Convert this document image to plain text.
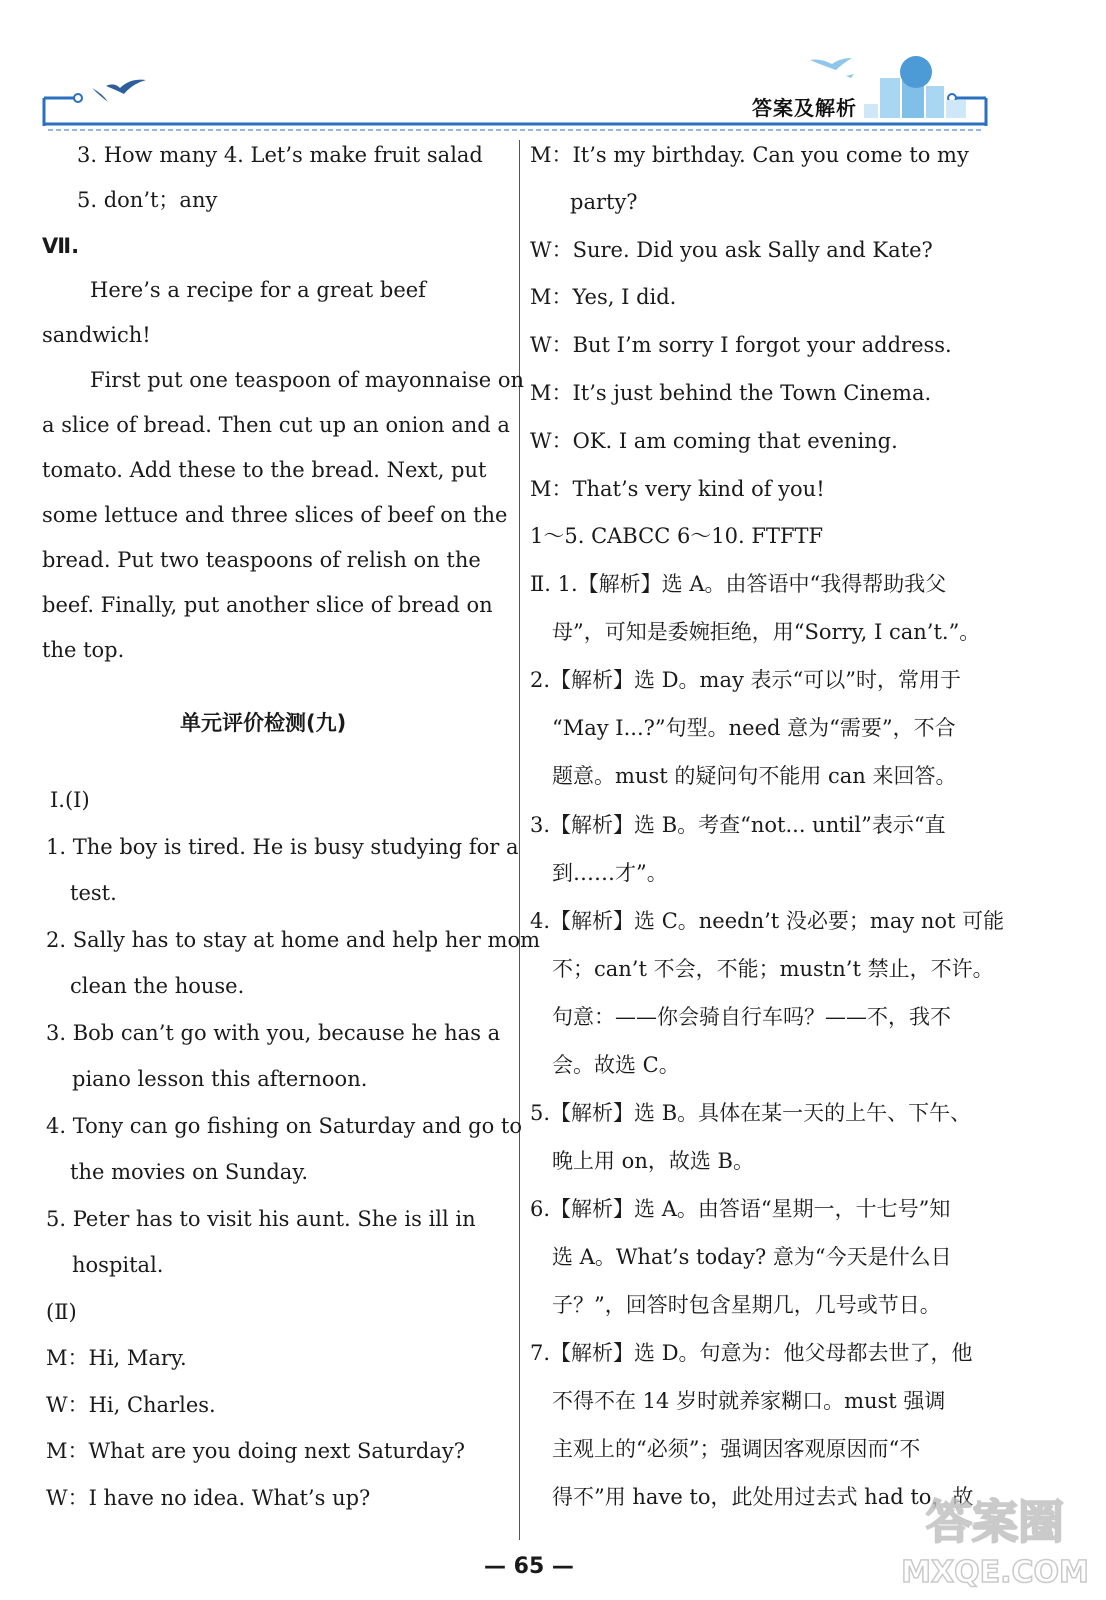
答案及解析
3. How many 4. Let’s make fruit salad
5. don’t；any
Ⅶ.
Here’s a recipe for a great beef
sandwich!
First put one teaspoon of mayonnaise on
a slice of bread. Then cut up an onion and a
tomato. Add these to the bread. Next, put
some lettuce and three slices of beef on the
bread. Put two teaspoons of relish on the
beef. Finally, put another slice of bread on
the top.
单元评价检测(九)
Ⅰ.(Ⅰ)
1. The boy is tired. He is busy studying for a
test.
2. Sally has to stay at home and help her mom
clean the house.
3. Bob can’t go with you, because he has a
piano lesson this afternoon.
4. Tony can go fishing on Saturday and go to
the movies on Sunday.
5. Peter has to visit his aunt. She is ill in
hospital.
(Ⅱ)
M：Hi, Mary.
W：Hi, Charles.
M：What are you doing next Saturday?
W：I have no idea. What’s up?
M：It’s my birthday. Can you come to my
party?
W：Sure. Did you ask Sally and Kate?
M：Yes, I did.
W：But I’m sorry I forgot your address.
M：It’s just behind the Town Cinema.
W：OK. I am coming that evening.
M：That’s very kind of you!
1～5. CABCC 6～10. FTFTF
Ⅱ. 1.【解析】选 A。由答语中“我得帮助我父
母”，可知是委婉拒绝，用“Sorry, I can’t.”。
2.【解析】选 D。may 表示“可以”时，常用于
“May I...?”句型。need 意为“需要”，不合
题意。must 的疑问句不能用 can 来回答。
3.【解析】选 B。考查“not... until”表示“直
到……才”。
4.【解析】选 C。needn’t 没必要；may not 可能
不；can’t 不会，不能；mustn’t 禁止，不许。
句意：——你会骑自行车吗？——不，我不
会。故选 C。
5.【解析】选 B。具体在某一天的上午、下午、
晚上用 on，故选 B。
6.【解析】选 A。由答语“星期一，十七号”知
选 A。What’s today? 意为“今天是什么日
子？”，回答时包含星期几，几号或节日。
7.【解析】选 D。句意为：他父母都去世了，他
不得不在 14 岁时就养家糊口。must 强调
主观上的“必须”；强调因客观原因而“不
得不”用 have to，此处用过去式 had to，故
— 65 —
答案圈
MXQE.COM
